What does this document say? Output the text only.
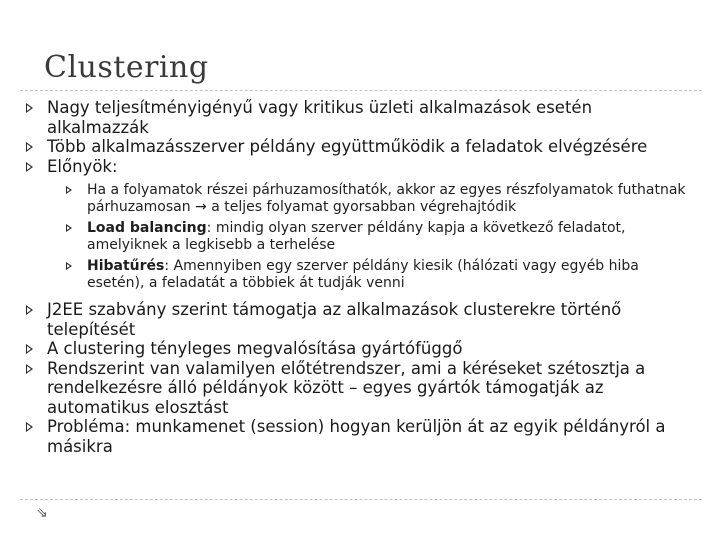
Clustering
Nagy teljesítményigényű vagy kritikus üzleti alkalmazások esetén alkalmazzák
Több alkalmazásszerver példány együttműködik a feladatok elvégzésére
Előnyök:
Ha a folyamatok részei párhuzamosíthatók, akkor az egyes részfolyamatok futhatnak párhuzamosan → a teljes folyamat gyorsabban végrehajtódik
Load balancing: mindig olyan szerver példány kapja a következő feladatot, amelyiknek a legkisebb a terhelése
Hibatűrés: Amennyiben egy szerver példány kiesik (hálózati vagy egyéb hiba esetén), a feladatát a többiek át tudják venni
J2EE szabvány szerint támogatja az alkalmazások clusterekre történő telepítését
A clustering tényleges megvalósítása gyártófüggő
Rendszerint van valamilyen előtétrendszer, ami a kéréseket szétosztja a rendelkezésre álló példányok között – egyes gyártók támogatják az automatikus elosztást
Probléma: munkamenet (session) hogyan kerüljön át az egyik példányról a másikra
⇘
